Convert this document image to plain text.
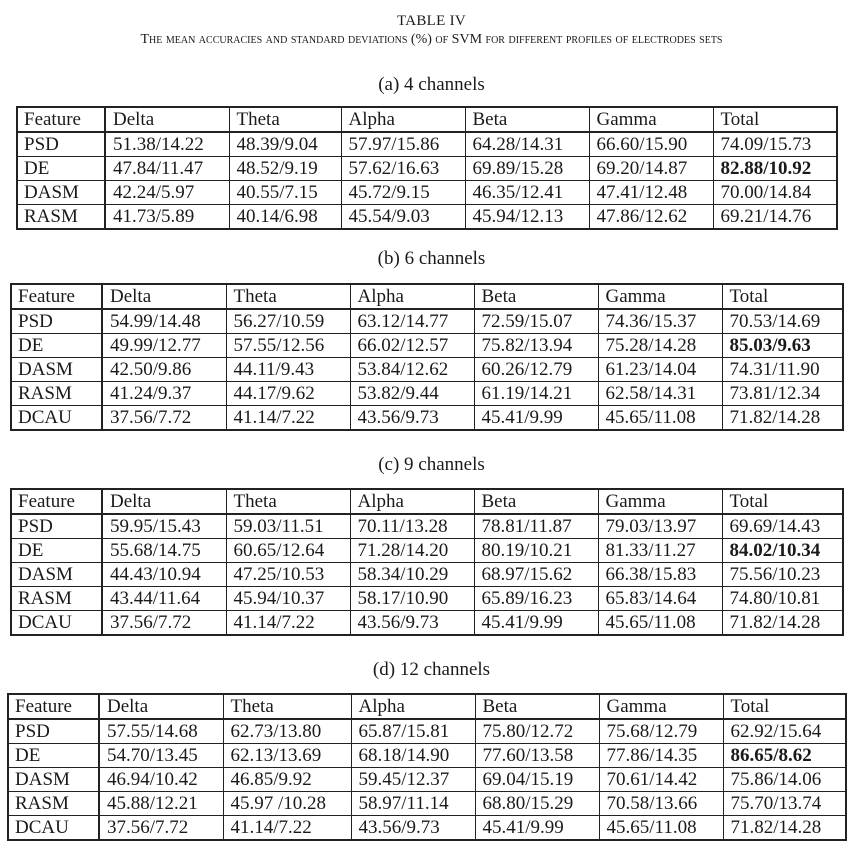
TABLE IV
The mean accuracies and standard deviations (%) of SVM for different profiles of electrodes sets
(a) 4 channels
Feature	Delta	Theta	Alpha	Beta	Gamma	Total
PSD	51.38/14.22	48.39/9.04	57.97/15.86	64.28/14.31	66.60/15.90	74.09/15.73
DE	47.84/11.47	48.52/9.19	57.62/16.63	69.89/15.28	69.20/14.87	82.88/10.92
DASM	42.24/5.97	40.55/7.15	45.72/9.15	46.35/12.41	47.41/12.48	70.00/14.84
RASM	41.73/5.89	40.14/6.98	45.54/9.03	45.94/12.13	47.86/12.62	69.21/14.76
(b) 6 channels
Feature	Delta	Theta	Alpha	Beta	Gamma	Total
PSD	54.99/14.48	56.27/10.59	63.12/14.77	72.59/15.07	74.36/15.37	70.53/14.69
DE	49.99/12.77	57.55/12.56	66.02/12.57	75.82/13.94	75.28/14.28	85.03/9.63
DASM	42.50/9.86	44.11/9.43	53.84/12.62	60.26/12.79	61.23/14.04	74.31/11.90
RASM	41.24/9.37	44.17/9.62	53.82/9.44	61.19/14.21	62.58/14.31	73.81/12.34
DCAU	37.56/7.72	41.14/7.22	43.56/9.73	45.41/9.99	45.65/11.08	71.82/14.28
(c) 9 channels
Feature	Delta	Theta	Alpha	Beta	Gamma	Total
PSD	59.95/15.43	59.03/11.51	70.11/13.28	78.81/11.87	79.03/13.97	69.69/14.43
DE	55.68/14.75	60.65/12.64	71.28/14.20	80.19/10.21	81.33/11.27	84.02/10.34
DASM	44.43/10.94	47.25/10.53	58.34/10.29	68.97/15.62	66.38/15.83	75.56/10.23
RASM	43.44/11.64	45.94/10.37	58.17/10.90	65.89/16.23	65.83/14.64	74.80/10.81
DCAU	37.56/7.72	41.14/7.22	43.56/9.73	45.41/9.99	45.65/11.08	71.82/14.28
(d) 12 channels
Feature	Delta	Theta	Alpha	Beta	Gamma	Total
PSD	57.55/14.68	62.73/13.80	65.87/15.81	75.80/12.72	75.68/12.79	62.92/15.64
DE	54.70/13.45	62.13/13.69	68.18/14.90	77.60/13.58	77.86/14.35	86.65/8.62
DASM	46.94/10.42	46.85/9.92	59.45/12.37	69.04/15.19	70.61/14.42	75.86/14.06
RASM	45.88/12.21	45.97 /10.28	58.97/11.14	68.80/15.29	70.58/13.66	75.70/13.74
DCAU	37.56/7.72	41.14/7.22	43.56/9.73	45.41/9.99	45.65/11.08	71.82/14.28
